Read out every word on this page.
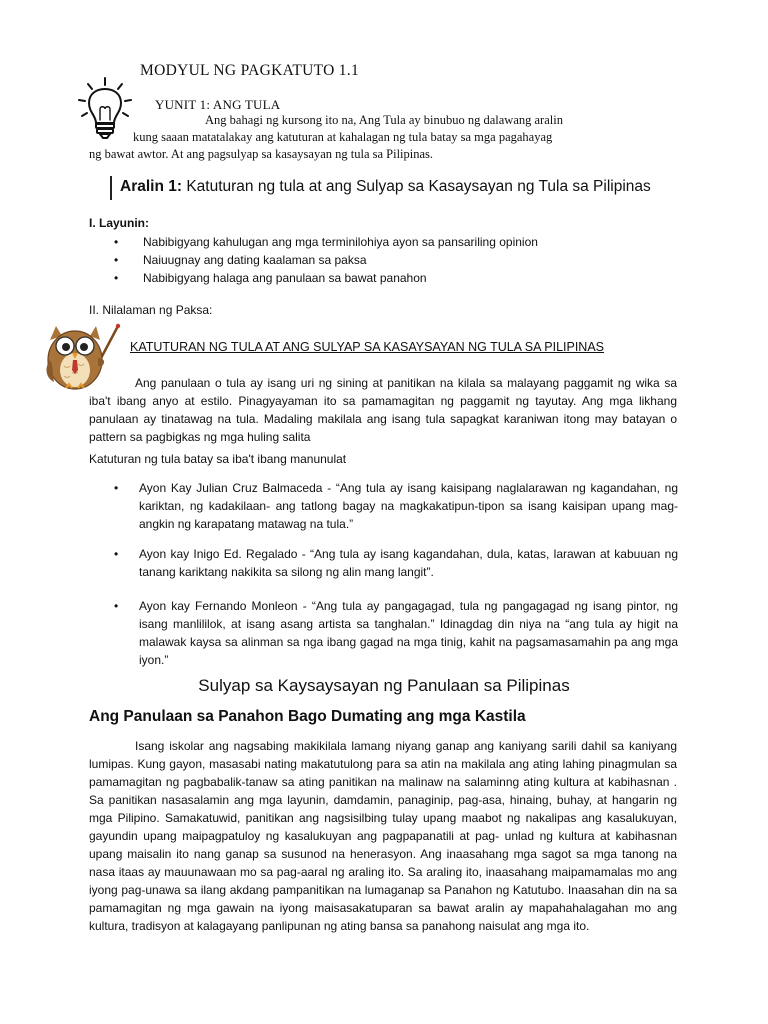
MODYUL NG PAGKATUTO 1.1
YUNIT 1: ANG TULA
Ang bahagi ng kursong ito na, Ang Tula ay binubuo ng dalawang aralin
kung saaan matatalakay ang katuturan at kahalagan ng tula batay sa mga pagahayag
ng bawat awtor. At ang pagsulyap sa kasaysayan ng tula sa Pilipinas.
Aralin 1: Katuturan ng tula at ang Sulyap sa Kasaysayan ng Tula sa Pilipinas
I. Layunin:
• Nabibigyang kahulugan ang mga terminilohiya ayon sa pansariling opinion
• Naiuugnay ang dating kaalaman sa paksa
• Nabibigyang halaga ang panulaan sa bawat panahon
II. Nilalaman ng Paksa:
KATUTURAN NG TULA AT ANG SULYAP SA KASAYSAYAN NG TULA SA PILIPINAS
Ang panulaan o tula ay isang uri ng sining at panitikan na kilala sa malayang paggamit ng wika sa iba't ibang anyo at estilo. Pinagyayaman ito sa pamamagitan ng paggamit ng tayutay. Ang mga likhang panulaan ay tinatawag na tula. Madaling makilala ang isang tula sapagkat karaniwan itong may batayan o pattern sa pagbigkas ng mga huling salita
Katuturan ng tula batay sa iba't ibang manunulat
• Ayon Kay Julian Cruz Balmaceda - “Ang tula ay isang kaisipang naglalarawan ng kagandahan, ng kariktan, ng kadakilaan- ang tatlong bagay na magkakatipun-tipon sa isang kaisipan upang mag-angkin ng karapatang matawag na tula.”
• Ayon kay Inigo Ed. Regalado - “Ang tula ay isang kagandahan, dula, katas, larawan at kabuuan ng tanang kariktang nakikita sa silong ng alin mang langit”.
• Ayon kay Fernando Monleon - “Ang tula ay pangagagad, tula ng pangagagad ng isang pintor, ng isang manlililok, at isang asang artista sa tanghalan.” Idinagdag din niya na “ang tula ay higit na malawak kaysa sa alinman sa nga ibang gagad na mga tinig, kahit na pagsamasamahin pa ang mga iyon.”
Sulyap sa Kaysaysayan ng Panulaan sa Pilipinas
Ang Panulaan sa Panahon Bago Dumating ang mga Kastila
Isang iskolar ang nagsabing makikilala lamang niyang ganap ang kaniyang sarili dahil sa kaniyang lumipas. Kung gayon, masasabi nating makatutulong para sa atin na makilala ang ating lahing pinagmulan sa pamamagitan ng pagbabalik-tanaw sa ating panitikan na malinaw na salaminng ating kultura at kabihasnan . Sa panitikan nasasalamin ang mga layunin, damdamin, panaginip, pag-asa, hinaing, buhay, at hangarin ng mga Pilipino. Samakatuwid, panitikan ang nagsisilbing tulay upang maabot ng nakalipas ang kasalukuyan, gayundin upang maipagpatuloy ng kasalukuyan ang pagpapanatili at pag- unlad ng kultura at kabihasnan upang maisalin ito nang ganap sa susunod na henerasyon. Ang inaasahang mga sagot sa mga tanong na nasa itaas ay mauunawaan mo sa pag-aaral ng araling ito. Sa araling ito, inaasahang maipamamalas mo ang iyong pag-unawa sa ilang akdang pampanitikan na lumaganap sa Panahon ng Katutubo. Inaasahan din na sa pamamagitan ng mga gawain na iyong maisasakatuparan sa bawat aralin ay mapahahalagahan mo ang kultura, tradisyon at kalagayang panlipunan ng ating bansa sa panahong naisulat ang mga ito.
